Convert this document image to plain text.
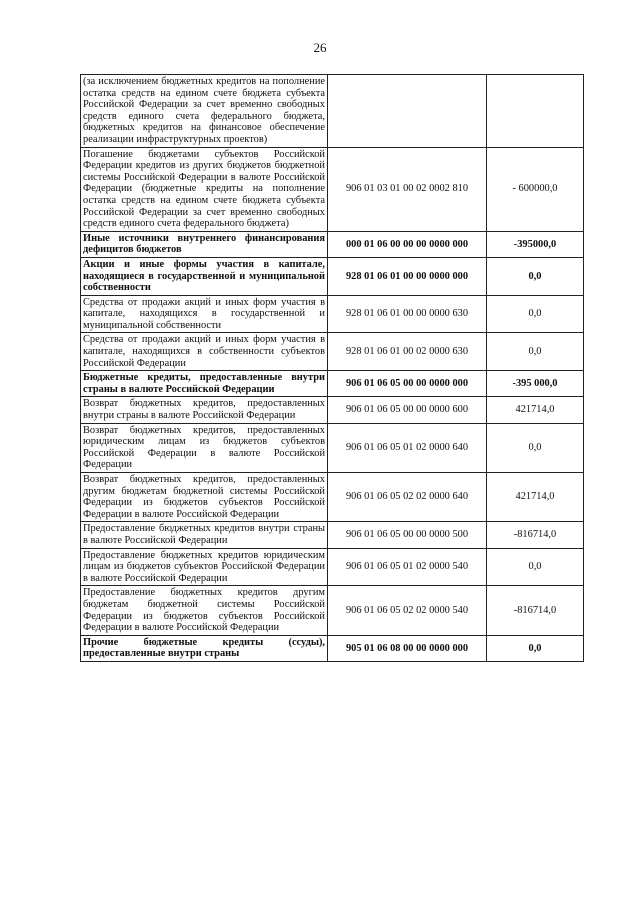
26
(за исключением бюджетных кредитов на пополнение остатка средств на едином счете бюджета субъекта Российской Федерации за счет временно свободных средств единого счета федерального бюджета, бюджетных кредитов на финансовое обеспечение реализации инфраструктурных проектов)		
Погашение бюджетами субъектов Российской Федерации кредитов из других бюджетов бюджетной системы Российской Федерации в валюте Российской Федерации (бюджетные кредиты на пополнение остатка средств на едином счете бюджета субъекта Российской Федерации за счет временно свободных средств единого счета федерального бюджета)	906 01 03 01 00 02 0002 810	- 600000,0
Иные источники внутреннего финансирования дефицитов бюджетов	000 01 06 00 00 00 0000 000	-395000,0
Акции и иные формы участия в капитале, находящиеся в государственной и муниципальной собственности	928 01 06 01 00 00 0000 000	0,0
Средства от продажи акций и иных форм участия в капитале, находящихся в государственной и муниципальной собственности	928 01 06 01 00 00 0000 630	0,0
Средства от продажи акций и иных форм участия в капитале, находящихся в собственности субъектов Российской Федерации	928 01 06 01 00 02 0000 630	0,0
Бюджетные кредиты, предоставленные внутри страны в валюте Российской Федерации	906 01 06 05 00 00 0000 000	-395 000,0
Возврат бюджетных кредитов, предоставленных внутри страны в валюте Российской Федерации	906 01 06 05 00 00 0000 600	421714,0
Возврат бюджетных кредитов, предоставленных юридическим лицам из бюджетов субъектов Российской Федерации в валюте Российской Федерации	906 01 06 05 01 02 0000 640	0,0
Возврат бюджетных кредитов, предоставленных другим бюджетам бюджетной системы Российской Федерации из бюджетов субъектов Российской Федерации в валюте Российской Федерации	906 01 06 05 02 02 0000 640	421714,0
Предоставление бюджетных кредитов внутри страны в валюте Российской Федерации	906 01 06 05 00 00 0000 500	-816714,0
Предоставление бюджетных кредитов юридическим лицам из бюджетов субъектов Российской Федерации в валюте Российской Федерации	906 01 06 05 01 02 0000 540	0,0
Предоставление бюджетных кредитов другим бюджетам бюджетной системы Российской Федерации из бюджетов субъектов Российской Федерации в валюте Российской Федерации	906 01 06 05 02 02 0000 540	-816714,0
Прочие бюджетные кредиты (ссуды), предоставленные внутри страны	905 01 06 08 00 00 0000 000	0,0
